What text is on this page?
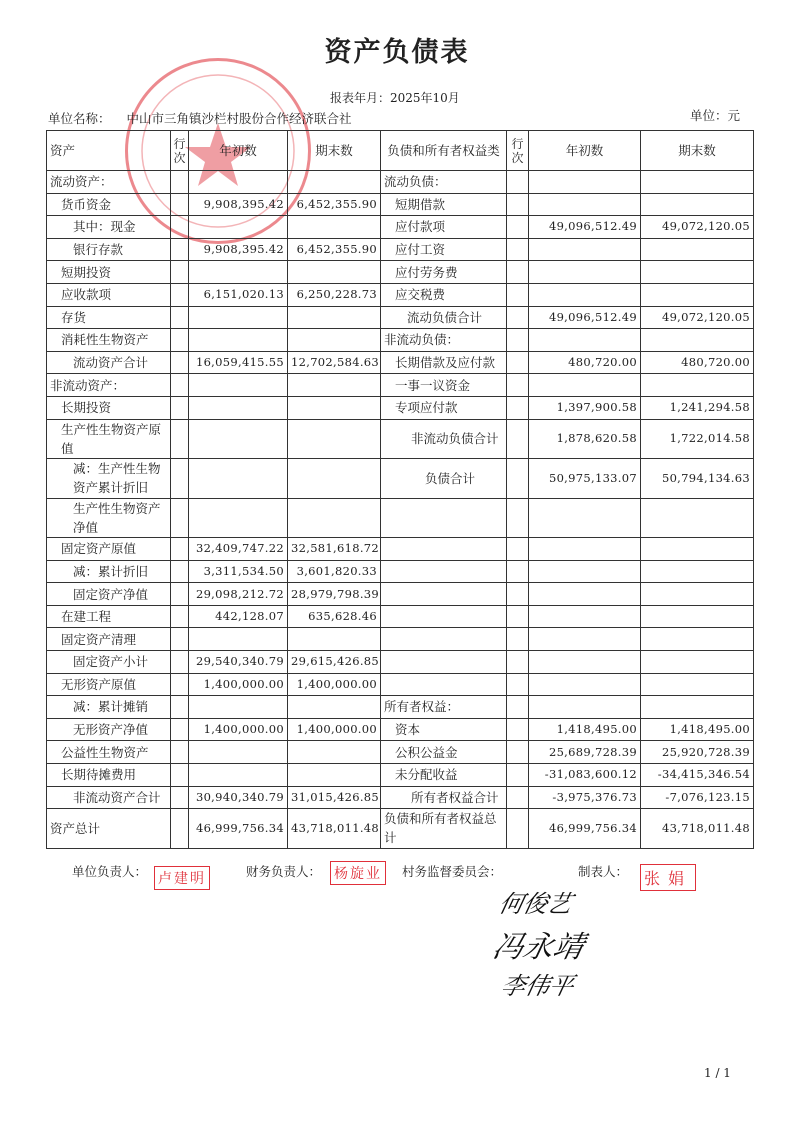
资产负债表
报表年月：2025年10月
单位名称： 中山市三角镇沙栏村股份合作经济联合社	单位：元
资产	行次	年初数	期末数	负债和所有者权益类	行次	年初数	期末数
流动资产：				流动负债：			
货币资金		9,908,395.42	6,452,355.90	短期借款			
其中：现金				应付款项		49,096,512.49	49,072,120.05
银行存款		9,908,395.42	6,452,355.90	应付工资			
短期投资				应付劳务费			
应收款项		6,151,020.13	6,250,228.73	应交税费			
存货				流动负债合计		49,096,512.49	49,072,120.05
消耗性生物资产				非流动负债：			
流动资产合计		16,059,415.55	12,702,584.63	长期借款及应付款		480,720.00	480,720.00
非流动资产：				一事一议资金			
长期投资				专项应付款		1,397,900.58	1,241,294.58
生产性生物资产原值				非流动负债合计		1,878,620.58	1,722,014.58
减：生产性生物资产累计折旧				负债合计		50,975,133.07	50,794,134.63
生产性生物资产净值							
固定资产原值		32,409,747.22	32,581,618.72				
减：累计折旧		3,311,534.50	3,601,820.33				
固定资产净值		29,098,212.72	28,979,798.39				
在建工程		442,128.07	635,628.46				
固定资产清理							
固定资产小计		29,540,340.79	29,615,426.85				
无形资产原值		1,400,000.00	1,400,000.00				
减：累计摊销				所有者权益：			
无形资产净值		1,400,000.00	1,400,000.00	资本		1,418,495.00	1,418,495.00
公益性生物资产				公积公益金		25,689,728.39	25,920,728.39
长期待摊费用				未分配收益		-31,083,600.12	-34,415,346.54
非流动资产合计		30,940,340.79	31,015,426.85	所有者权益合计		-3,975,376.73	-7,076,123.15
资产总计		46,999,756.34	43,718,011.48	负债和所有者权益总计		46,999,756.34	43,718,011.48
单位负责人： 卢建明	财务负责人： 杨旋业	村务监督委员会：
何俊艺
冯永靖
李伟平
制表人： 张娟
1 / 1
